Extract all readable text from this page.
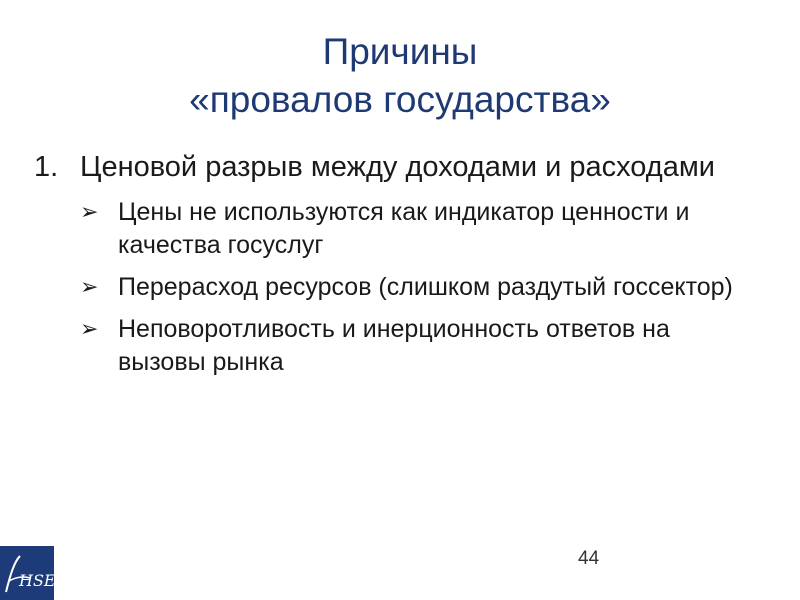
Причины
«провалов государства»
1. Ценовой разрыв между доходами и расходами
➢ Цены не используются как индикатор ценности и качества госуслуг
➢ Перерасход ресурсов (слишком раздутый госсектор)
➢ Неповоротливость и инерционность ответов на вызовы рынка
44
HSE
